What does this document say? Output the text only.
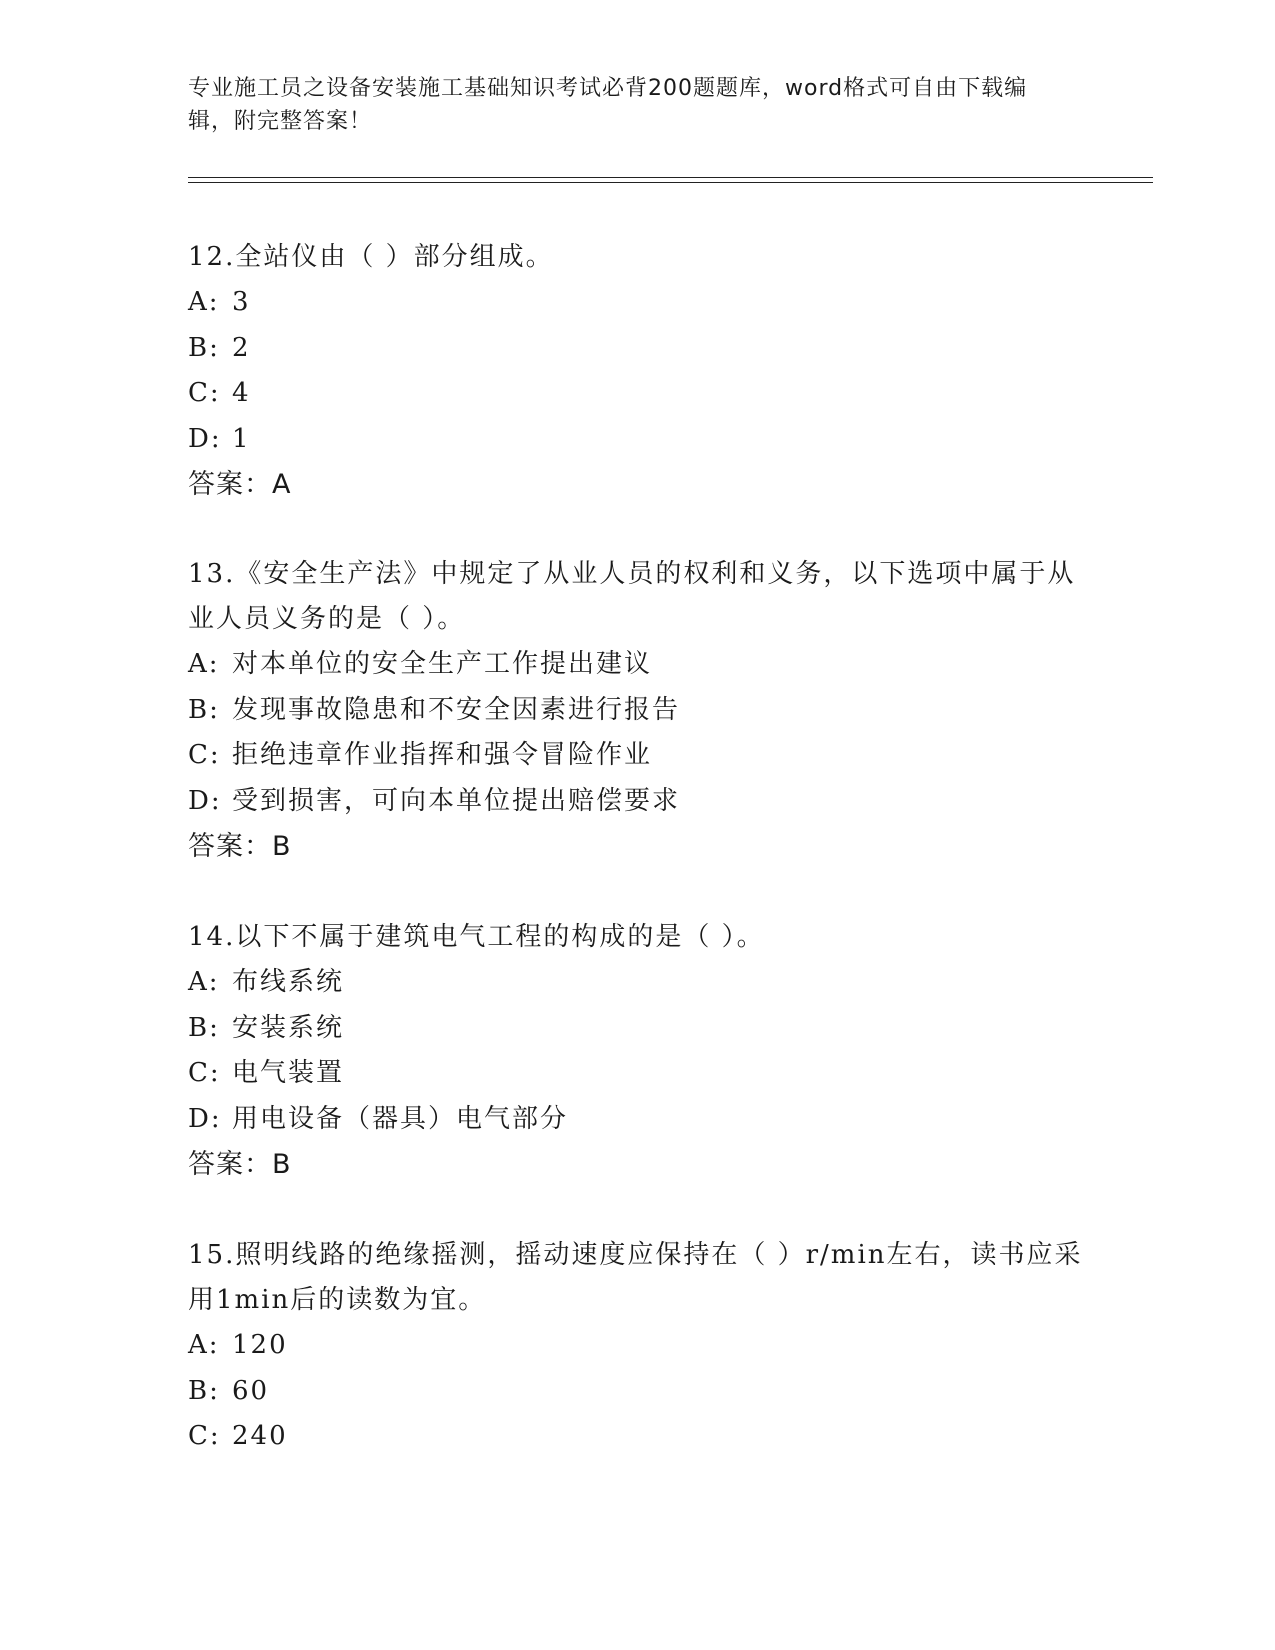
专业施工员之设备安装施工基础知识考试必背200题题库，word格式可自由下载编辑，附完整答案！

12.全站仪由（ ）部分组成。

A: 3

B: 2

C: 4

D: 1

答案：A

13.《安全生产法》中规定了从业人员的权利和义务，以下选项中属于从业人员义务的是（ ）。

A: 对本单位的安全生产工作提出建议

B: 发现事故隐患和不安全因素进行报告

C: 拒绝违章作业指挥和强令冒险作业

D: 受到损害，可向本单位提出赔偿要求

答案：B

14.以下不属于建筑电气工程的构成的是（ ）。

A: 布线系统

B: 安装系统

C: 电气装置

D: 用电设备（器具）电气部分

答案：B

15.照明线路的绝缘摇测，摇动速度应保持在（ ）r/min左右，读书应采用1min后的读数为宜。

A: 120

B: 60

C: 240
